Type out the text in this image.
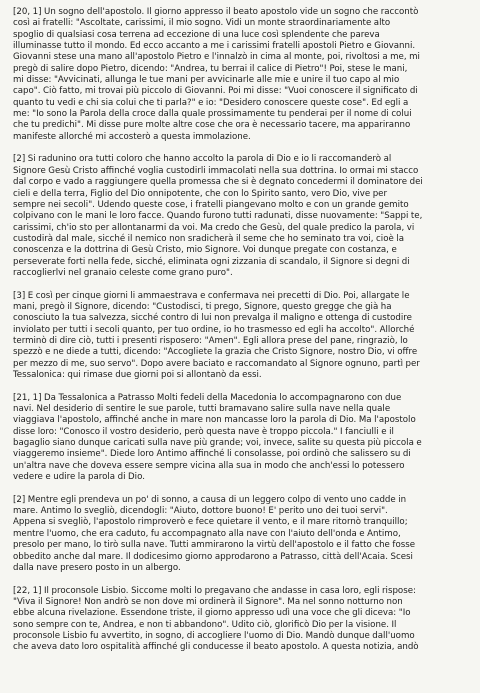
[20, 1] Un sogno dell'apostolo. Il giorno appresso il beato apostolo vide un sogno che raccontò
così ai fratelli: "Ascoltate, carissimi, il mio sogno. Vidi un monte straordinariamente alto
spoglio di qualsiasi cosa terrena ad eccezione di una luce così splendente che pareva
illuminasse tutto il mondo. Ed ecco accanto a me i carissimi fratelli apostoli Pietro e Giovanni.
Giovanni stese una mano all'apostolo Pietro e l'innalzò in cima al monte, poi, rivoltosi a me, mi
pregò di salire dopo Pietro, dicendo: "Andrea, tu berrai il calice di Pietro"! Poi, stese le mani,
mi disse: "Avvicinati, allunga le tue mani per avvicinarle alle mie e unire il tuo capo al mio
capo". Ciò fatto, mi trovai più piccolo di Giovanni. Poi mi disse: "Vuoi conoscere il significato di
quanto tu vedi e chi sia colui che ti parla?" e io: "Desidero conoscere queste cose". Ed egli a
me: "Io sono la Parola della croce dalla quale prossimamente tu penderai per il nome di colui
che tu predichi". Mi disse pure molte altre cose che ora è necessario tacere, ma appariranno
manifeste allorché mi accosterò a questa immolazione.

[2] Si radunino ora tutti coloro che hanno accolto la parola di Dio e io li raccomanderò al
Signore Gesù Cristo affinché voglia custodirli immacolati nella sua dottrina. Io ormai mi stacco
dal corpo e vado a raggiungere quella promessa che si è degnato concedermi il dominatore dei
cieli e della terra, Figlio del Dio onnipotente, che con lo Spirito santo, vero Dio, vive per
sempre nei secoli". Udendo queste cose, i fratelli piangevano molto e con un grande gemito
colpivano con le mani le loro facce. Quando furono tutti radunati, disse nuovamente: "Sappi te,
carissimi, ch'io sto per allontanarmi da voi. Ma credo che Gesù, del quale predico la parola, vi
custodirà dal male, sicché il nemico non sradicherà il seme che ho seminato tra voi, cioè la
conoscenza e la dottrina di Gesù Cristo, mio Signore. Voi dunque pregate con costanza, e
perseverate forti nella fede, sicché, eliminata ogni zizzania di scandalo, il Signore si degni di
raccoglierlvi nel granaio celeste come grano puro".

[3] E così per cinque giorni li ammaestrava e confermava nei precetti di Dio. Poi, allargate le
mani, pregò il Signore, dicendo: "Custodisci, ti prego, Signore, questo gregge che già ha
conosciuto la tua salvezza, sicché contro di lui non prevalga il maligno e ottenga di custodire
inviolato per tutti i secoli quanto, per tuo ordine, io ho trasmesso ed egli ha accolto". Allorché
terminò di dire ciò, tutti i presenti risposero: "Amen". Egli allora prese del pane, ringraziò, lo
spezzò e ne diede a tutti, dicendo: "Accogliete la grazia che Cristo Signore, nostro Dio, vi offre
per mezzo di me, suo servo". Dopo avere baciato e raccomandato al Signore ognuno, partì per
Tessalonica: qui rimase due giorni poi si allontanò da essi.

[21, 1] Da Tessalonica a Patrasso Molti fedeli della Macedonia lo accompagnarono con due
navi. Nel desiderio di sentire le sue parole, tutti bramavano salire sulla nave nella quale
viaggiava l'apostolo, affinché anche in mare non mancasse loro la parola di Dio. Ma l'apostolo
disse loro: "Conosco il vostro desiderio, però questa nave è troppo piccola." I fanciulli e il
bagaglio siano dunque caricati sulla nave più grande; voi, invece, salite su questa più piccola e
viaggeremo insieme". Diede loro Antimo affinché li consolasse, poi ordinò che salissero su di
un'altra nave che doveva essere sempre vicina alla sua in modo che anch'essi lo potessero
vedere e udire la parola di Dio.

[2] Mentre egli prendeva un po' di sonno, a causa di un leggero colpo di vento uno cadde in
mare. Antimo lo svegliò, dicendogli: "Aiuto, dottore buono! E' perito uno dei tuoi servi".
Appena si svegliò, l'apostolo rimproverò e fece quietare il vento, e il mare ritornò tranquillo;
mentre l'uomo, che era caduto, fu accompagnato alla nave con l'aiuto dell'onda e Antimo,
presolo per mano, lo tirò sulla nave. Tutti ammirarono la virtù dell'apostolo e il fatto che fosse
obbedito anche dal mare. Il dodicesimo giorno approdarono a Patrasso, città dell'Acaia. Scesi
dalla nave presero posto in un albergo.

[22, 1] Il proconsole Lisbio. Siccome molti lo pregavano che andasse in casa loro, egli rispose:
"Viva il Signore! Non andrò se non dove mi ordinerà il Signore". Ma nel sonno notturno non
ebbe alcuna rivelazione. Essendone triste, il giorno appresso udì una voce che gli diceva: "Io
sono sempre con te, Andrea, e non ti abbandono". Udito ciò, glorificò Dio per la visione. Il
proconsole Lisbio fu avvertito, in sogno, di accogliere l'uomo di Dio. Mandò dunque dall'uomo
che aveva dato loro ospitalità affinché gli conducesse il beato apostolo. A questa notizia, andò
